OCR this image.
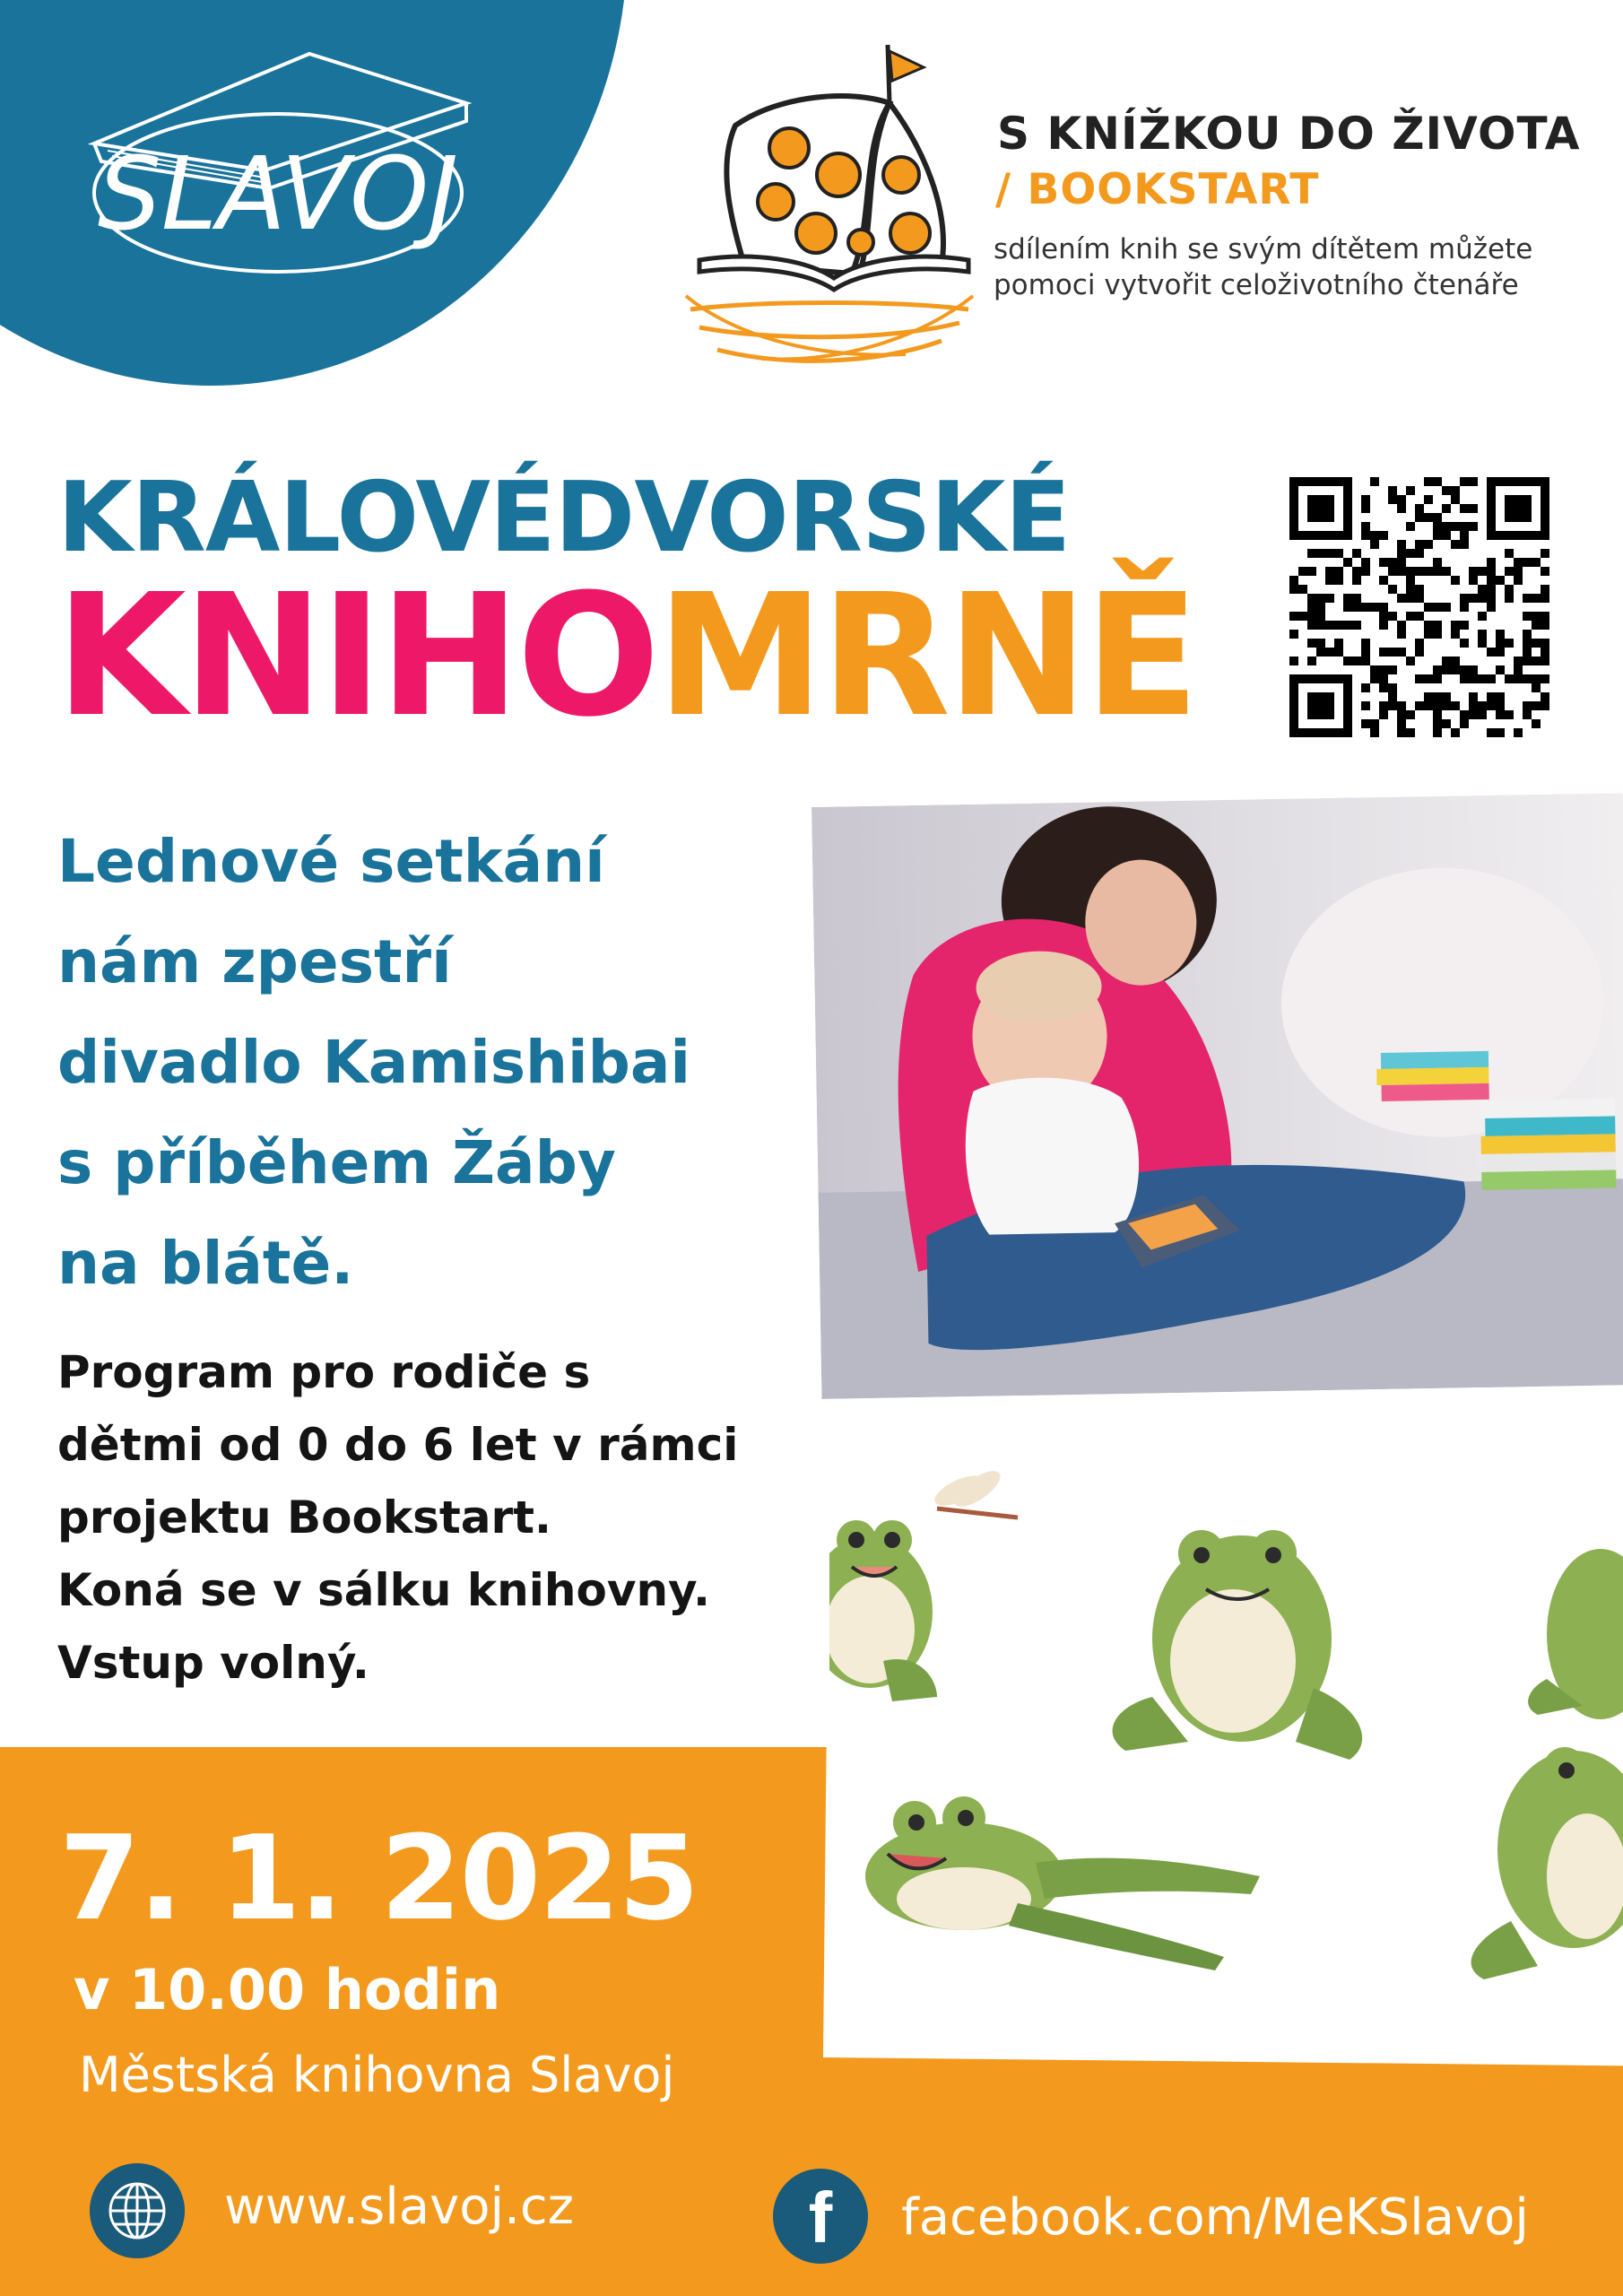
SLAVOJ
S KNÍŽKOU DO ŽIVOTA
/ BOOKSTART
sdílením knih se svým dítětem můžete pomoci vytvořit celoživotního čtenáře
KRÁLOVÉDVORSKÉ
KNIHOMRNĚ
Lednové setkání
nám zpestří
divadlo Kamishibai
s příběhem Žáby
na blátě.
Program pro rodiče s
dětmi od 0 do 6 let v rámci
projektu Bookstart.
Koná se v sálku knihovny.
Vstup volný.
7. 1. 2025
v 10.00 hodin
Městská knihovna Slavoj
www.slavoj.cz	f	facebook.com/MeKSlavoj
